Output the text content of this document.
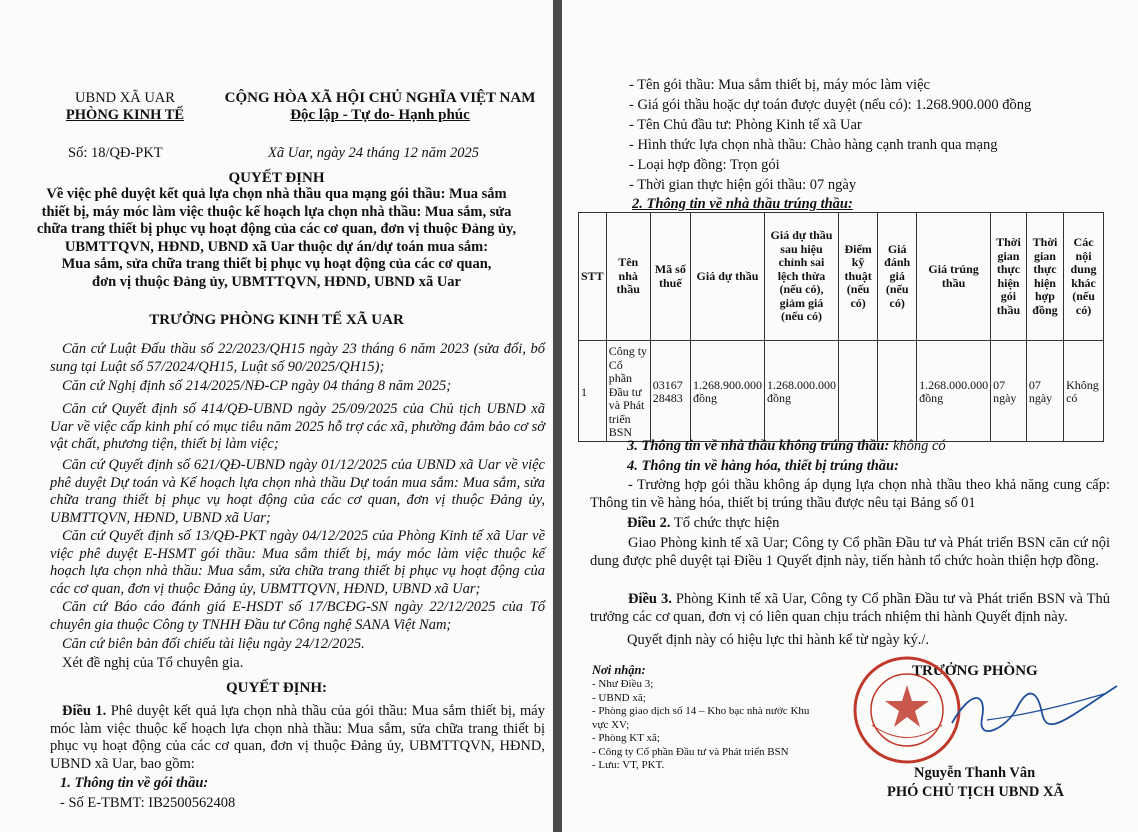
UBND XÃ UAR
PHÒNG KINH TẾ
CỘNG HÒA XÃ HỘI CHỦ NGHĨA VIỆT NAM
Độc lập - Tự do- Hạnh phúc
Số: 18/QĐ-PKT	Xã Uar, ngày 24 tháng 12 năm 2025
QUYẾT ĐỊNH
Về việc phê duyệt kết quả lựa chọn nhà thầu qua mạng gói thầu: Mua sắm
thiết bị, máy móc làm việc thuộc kế hoạch lựa chọn nhà thầu: Mua sắm, sửa
chữa trang thiết bị phục vụ hoạt động của các cơ quan, đơn vị thuộc Đảng ủy,
UBMTTQVN, HĐND, UBND xã Uar thuộc dự án/dự toán mua sắm:
Mua sắm, sửa chữa trang thiết bị phục vụ hoạt động của các cơ quan,
đơn vị thuộc Đảng ủy, UBMTTQVN, HĐND, UBND xã Uar
TRƯỞNG PHÒNG KINH TẾ XÃ UAR
Căn cứ Luật Đấu thầu số 22/2023/QH15 ngày 23 tháng 6 năm 2023 (sửa đổi, bổ sung tại Luật số 57/2024/QH15, Luật số 90/2025/QH15);
Căn cứ Nghị định số 214/2025/NĐ-CP ngày 04 tháng 8 năm 2025;
Căn cứ Quyết định số 414/QĐ-UBND ngày 25/09/2025 của Chủ tịch UBND xã Uar về việc cấp kinh phí có mục tiêu năm 2025 hỗ trợ các xã, phường đảm bảo cơ sở vật chất, phương tiện, thiết bị làm việc;
Căn cứ Quyết định số 621/QĐ-UBND ngày 01/12/2025 của UBND xã Uar về việc phê duyệt Dự toán và Kế hoạch lựa chọn nhà thầu Dự toán mua sắm: Mua sắm, sửa chữa trang thiết bị phục vụ hoạt động của các cơ quan, đơn vị thuộc Đảng ủy, UBMTTQVN, HĐND, UBND xã Uar;
Căn cứ Quyết định số 13/QĐ-PKT ngày 04/12/2025 của Phòng Kinh tế xã Uar về việc phê duyệt E-HSMT gói thầu: Mua sắm thiết bị, máy móc làm việc thuộc kế hoạch lựa chọn nhà thầu: Mua sắm, sửa chữa trang thiết bị phục vụ hoạt động của các cơ quan, đơn vị thuộc Đảng ủy, UBMTTQVN, HĐND, UBND xã Uar;
Căn cứ Báo cáo đánh giá E-HSDT số 17/BCĐG-SN ngày 22/12/2025 của Tổ chuyên gia thuộc Công ty TNHH Đầu tư Công nghệ SANA Việt Nam;
Căn cứ biên bản đối chiếu tài liệu ngày 24/12/2025.
Xét đề nghị của Tổ chuyên gia.
QUYẾT ĐỊNH:
Điều 1. Phê duyệt kết quả lựa chọn nhà thầu của gói thầu: Mua sắm thiết bị, máy móc làm việc thuộc kế hoạch lựa chọn nhà thầu: Mua sắm, sửa chữa trang thiết bị phục vụ hoạt động của các cơ quan, đơn vị thuộc Đảng ủy, UBMTTQVN, HĐND, UBND xã Uar, bao gồm:
1. Thông tin về gói thầu:
- Số E-TBMT: IB2500562408
- Tên gói thầu: Mua sắm thiết bị, máy móc làm việc
- Giá gói thầu hoặc dự toán được duyệt (nếu có): 1.268.900.000 đồng
- Tên Chủ đầu tư: Phòng Kinh tế xã Uar
- Hình thức lựa chọn nhà thầu: Chào hàng cạnh tranh qua mạng
- Loại hợp đồng: Trọn gói
- Thời gian thực hiện gói thầu: 07 ngày
2. Thông tin về nhà thầu trúng thầu:
STT	Tên nhà thầu	Mã số thuế	Giá dự thầu	Giá dự thầu sau hiệu chỉnh sai lệch thừa (nếu có), giảm giá (nếu có)	Điểm kỹ thuật (nếu có)	Giá đánh giá (nếu có)	Giá trúng thầu	Thời gian thực hiện gói thầu	Thời gian thực hiện hợp đồng	Các nội dung khác (nếu có)
1	Công ty Cổ phần Đầu tư và Phát triển BSN	0316728483	1.268.900.000 đồng	1.268.000.000 đồng			1.268.000.000 đồng	07 ngày	07 ngày	Không có
3. Thông tin về nhà thầu không trúng thầu: không có
4. Thông tin về hàng hóa, thiết bị trúng thầu:
- Trường hợp gói thầu không áp dụng lựa chọn nhà thầu theo khả năng cung cấp: Thông tin về hàng hóa, thiết bị trúng thầu được nêu tại Bảng số 01
Điều 2. Tổ chức thực hiện
Giao Phòng kinh tế xã Uar; Công ty Cổ phần Đầu tư và Phát triển BSN căn cứ nội dung được phê duyệt tại Điều 1 Quyết định này, tiến hành tổ chức hoàn thiện hợp đồng.
Điều 3. Phòng Kinh tế xã Uar, Công ty Cổ phần Đầu tư và Phát triển BSN và Thủ trưởng các cơ quan, đơn vị có liên quan chịu trách nhiệm thi hành Quyết định này.
Quyết định này có hiệu lực thi hành kể từ ngày ký./.
Nơi nhận:
- Như Điều 3;
- UBND xã;
- Phòng giao dịch số 14 – Kho bạc nhà nước Khu vực XV;
- Phòng KT xã;
- Công ty Cổ phần Đầu tư và Phát triển BSN
- Lưu: VT, PKT.
TRƯỞNG PHÒNG
Nguyễn Thanh Vân
PHÓ CHỦ TỊCH UBND XÃ
